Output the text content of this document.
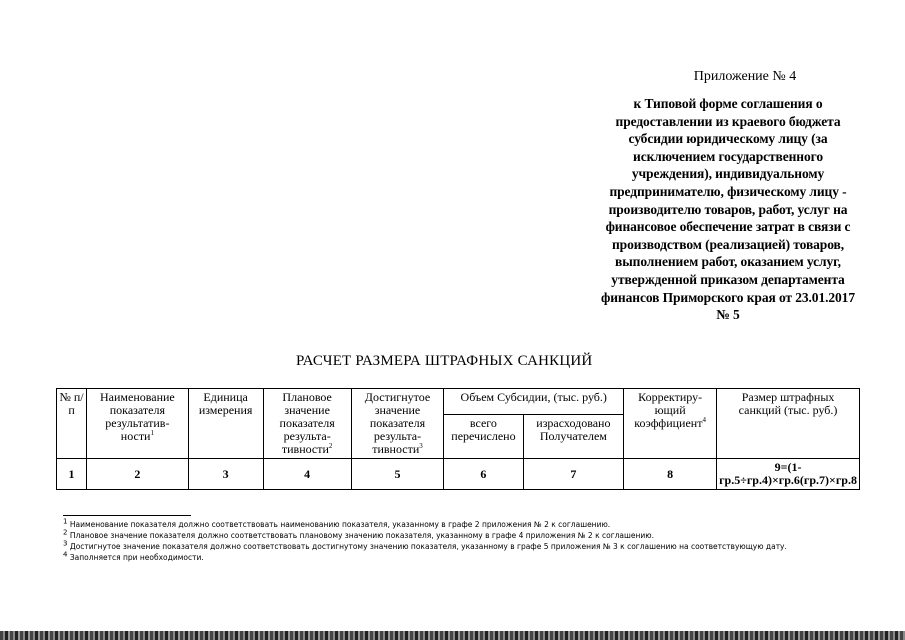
Приложение № 4
к Типовой форме соглашения о предоставлении из краевого бюджета субсидии юридическому лицу (за исключением государственного учреждения), индивидуальному предпринимателю, физическому лицу - производителю товаров, работ, услуг на финансовое обеспечение затрат в связи с производством (реализацией) товаров, выполнением работ, оказанием услуг, утвержденной приказом департамента финансов Приморского края от 23.01.2017 № 5
РАСЧЕТ РАЗМЕРА ШТРАФНЫХ САНКЦИЙ
№ п/п	Наименование показателя результатив-ности$^1$	Единица измерения	Плановое значение показателя результа-тивности$^2$	Достигнутое значение показателя результа-тивности$^3$	Объем Субсидии, (тыс. руб.)		Корректиру-ющий коэффициент$^4$	Размер штрафных санкций (тыс. руб.)
					всего перечислено	израсходовано Получателем		
1	2	3	4	5	6	7	8	9=(1-гр.5÷гр.4)×гр.6(гр.7)×гр.8

$^1$ Наименование показателя должно соответствовать наименованию показателя, указанному в графе 2 приложения № 2 к соглашению.

$^2$ Плановое значение показателя должно соответствовать плановому значению показателя, указанному в графе 4 приложения № 2 к соглашению.

$^3$ Достигнутое значение показателя должно соответствовать достигнутому значению показателя, указанному в графе 5 приложения № 3 к соглашению на соответствующую дату.

$^4$ Заполняется при необходимости.
